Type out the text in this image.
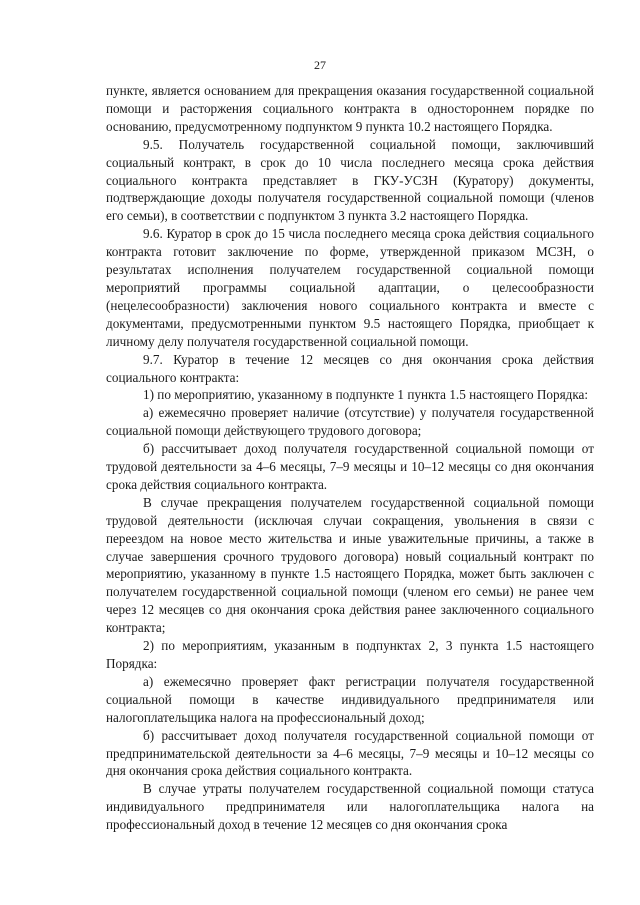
27

пункте, является основанием для прекращения оказания государственной социальной помощи и расторжения социального контракта в одностороннем порядке по основанию, предусмотренному подпунктом 9 пункта 10.2 настоящего Порядка.

9.5. Получатель государственной социальной помощи, заключивший социальный контракт, в срок до 10 числа последнего месяца срока действия социального контракта представляет в ГКУ-УСЗН (Куратору) документы, подтверждающие доходы получателя государственной социальной помощи (членов его семьи), в соответствии с подпунктом 3 пункта 3.2 настоящего Порядка.

9.6. Куратор в срок до 15 числа последнего месяца срока действия социального контракта готовит заключение по форме, утвержденной приказом МСЗН, о результатах исполнения получателем государственной социальной помощи мероприятий программы социальной адаптации, о целесообразности (нецелесообразности) заключения нового социального контракта и вместе с документами, предусмотренными пунктом 9.5 настоящего Порядка, приобщает к личному делу получателя государственной социальной помощи.

9.7. Куратор в течение 12 месяцев со дня окончания срока действия социального контракта:

1) по мероприятию, указанному в подпункте 1 пункта 1.5 настоящего Порядка:

а) ежемесячно проверяет наличие (отсутствие) у получателя государственной социальной помощи действующего трудового договора;

б) рассчитывает доход получателя государственной социальной помощи от трудовой деятельности за 4–6 месяцы, 7–9 месяцы и 10–12 месяцы со дня окончания срока действия социального контракта.

В случае прекращения получателем государственной социальной помощи трудовой деятельности (исключая случаи сокращения, увольнения в связи с переездом на новое место жительства и иные уважительные причины, а также в случае завершения срочного трудового договора) новый социальный контракт по мероприятию, указанному в пункте 1.5 настоящего Порядка, может быть заключен с получателем государственной социальной помощи (членом его семьи) не ранее чем через 12 месяцев со дня окончания срока действия ранее заключенного социального контракта;

2) по мероприятиям, указанным в подпунктах 2, 3 пункта 1.5 настоящего Порядка:

а) ежемесячно проверяет факт регистрации получателя государственной социальной помощи в качестве индивидуального предпринимателя или налогоплательщика налога на профессиональный доход;

б) рассчитывает доход получателя государственной социальной помощи от предпринимательской деятельности за 4–6 месяцы, 7–9 месяцы и 10–12 месяцы со дня окончания срока действия социального контракта.

В случае утраты получателем государственной социальной помощи статуса индивидуального предпринимателя или налогоплательщика налога на профессиональный доход в течение 12 месяцев со дня окончания срока
